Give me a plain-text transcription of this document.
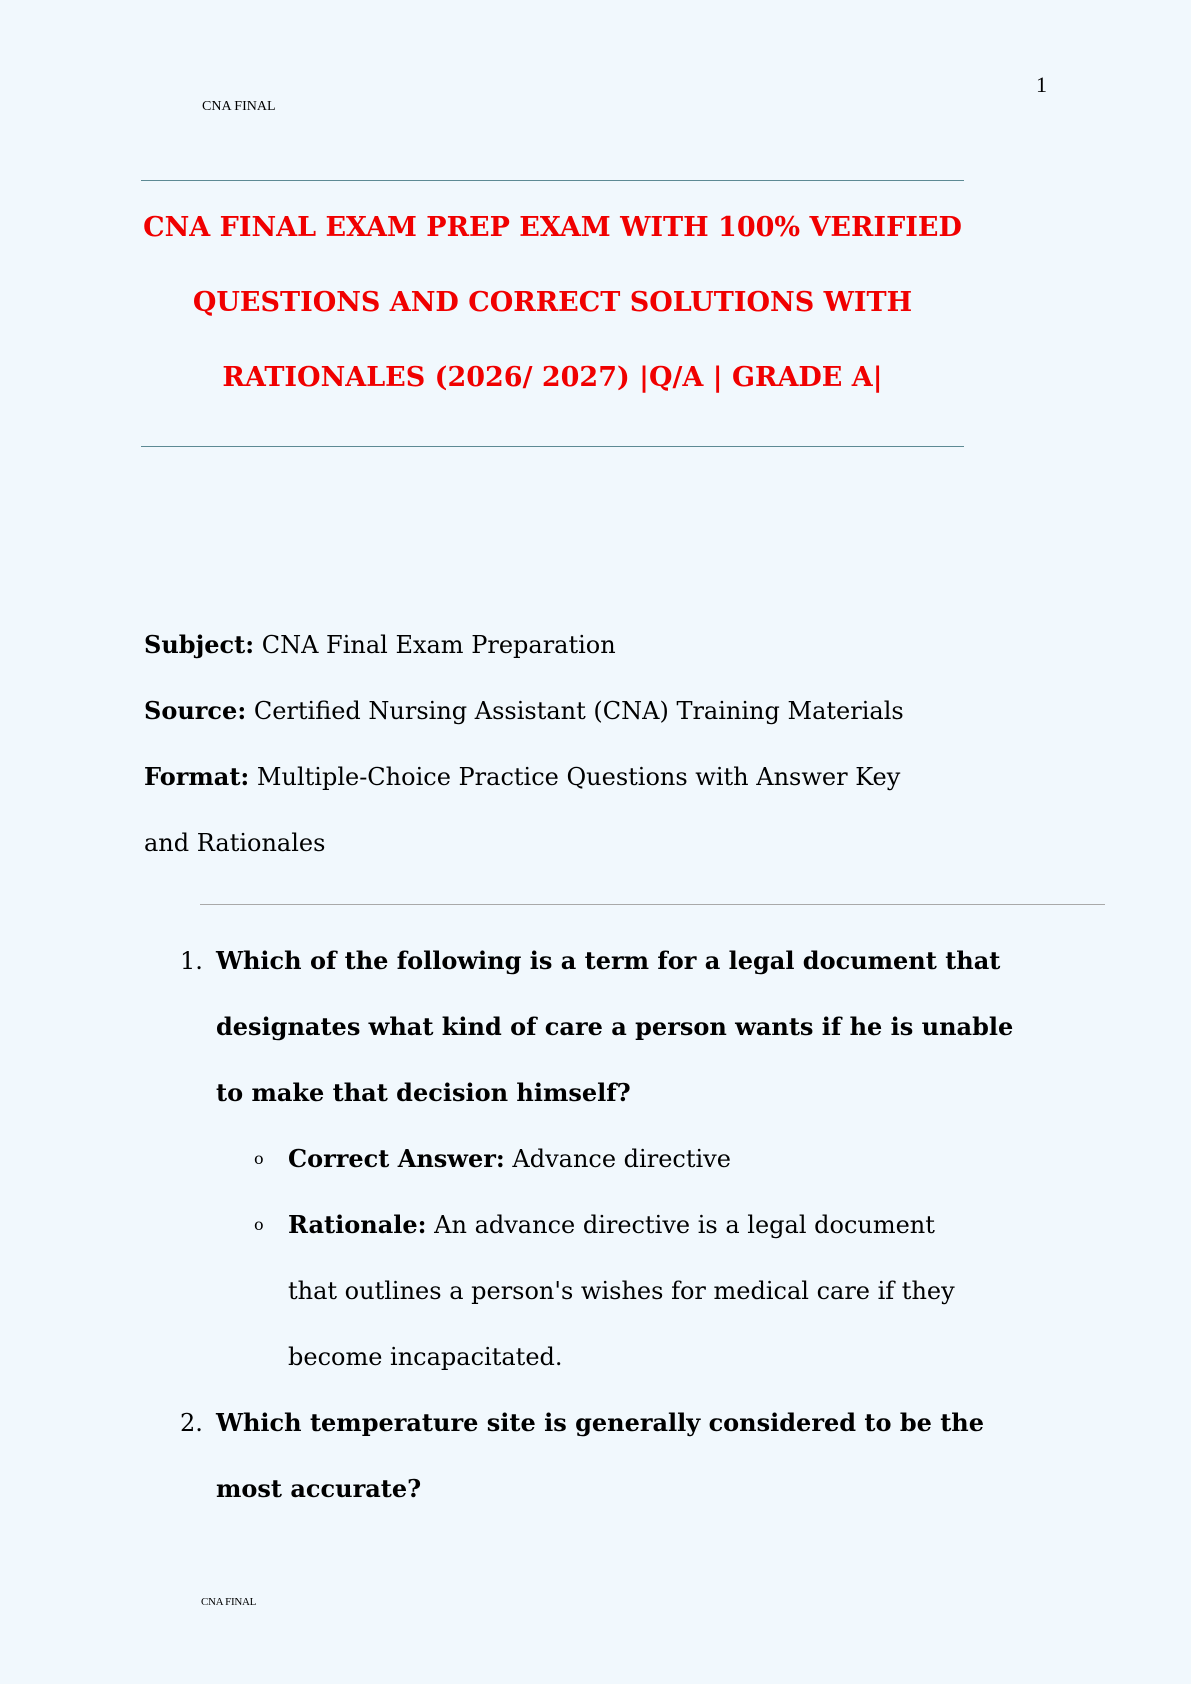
CNA FINAL
1
CNA FINAL EXAM PREP EXAM WITH 100% VERIFIED
QUESTIONS AND CORRECT SOLUTIONS WITH
RATIONALES (2026/ 2027) |Q/A | GRADE A|
Subject: CNA Final Exam Preparation
Source: Certified Nursing Assistant (CNA) Training Materials
Format: Multiple-Choice Practice Questions with Answer Key and Rationales
1. Which of the following is a term for a legal document that designates what kind of care a person wants if he is unable to make that decision himself?
o Correct Answer: Advance directive
o Rationale: An advance directive is a legal document that outlines a person's wishes for medical care if they become incapacitated.
2. Which temperature site is generally considered to be the most accurate?
CNA FINAL
